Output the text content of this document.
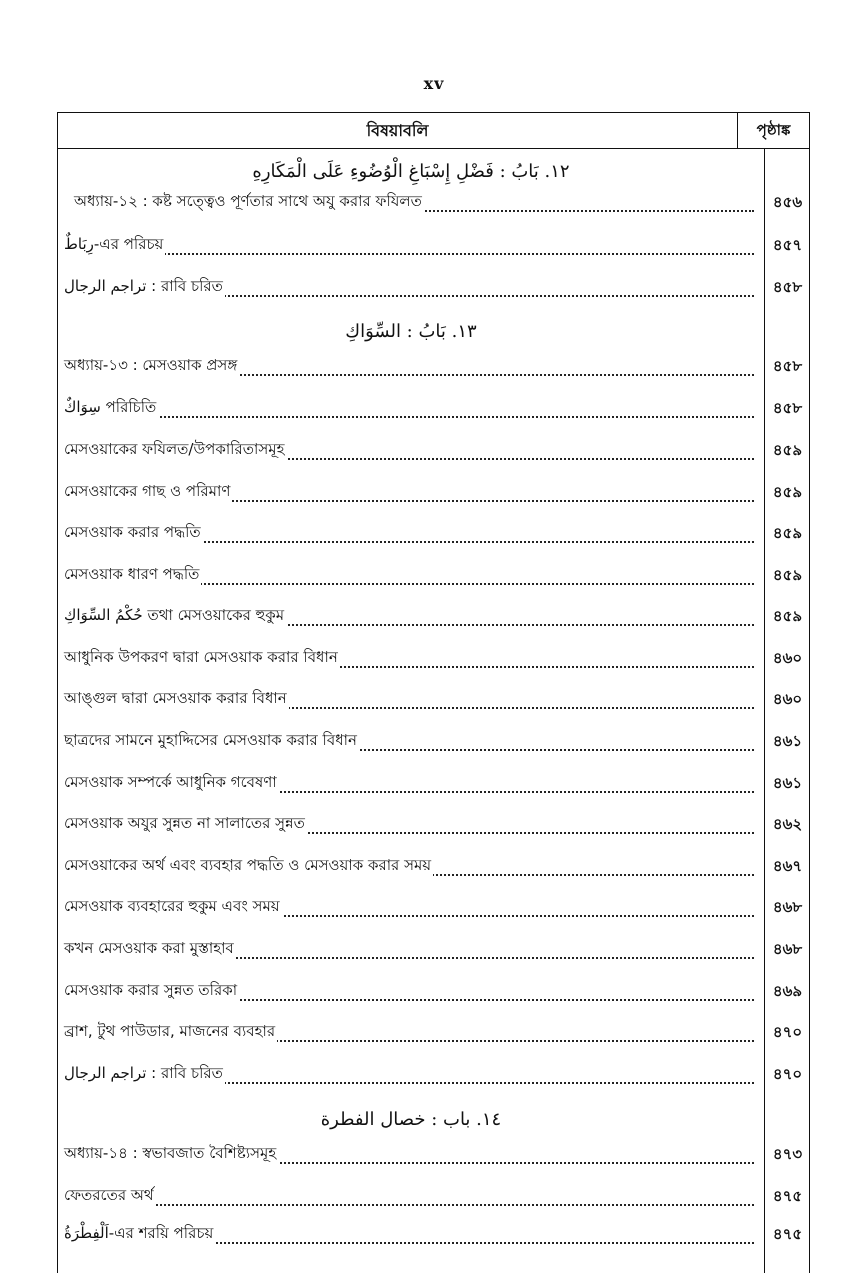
xv
বিষয়াবলি	পৃষ্ঠাঙ্ক
١٢. بَابُ : فَضْلِ إِسْبَاغِ الْوُضُوءِ عَلَى الْمَكَارِهِ
অধ্যায়-১২ : কষ্ট সত্ত্বেও পূর্ণতার সাথে অযু করার ফযিলত	৪৫৬
رِبَاطٌ-এর পরিচয়	৪৫৭
تراجم الرجال : রাবি চরিত	৪৫৮
١٣. بَابُ : السِّوَاكِ
অধ্যায়-১৩ : মেসওয়াক প্রসঙ্গ	৪৫৮
سِوَاكٌ পরিচিতি	৪৫৮
মেসওয়াকের ফযিলত/উপকারিতাসমূহ	৪৫৯
মেসওয়াকের গাছ ও পরিমাণ	৪৫৯
মেসওয়াক করার পদ্ধতি	৪৫৯
মেসওয়াক ধারণ পদ্ধতি	৪৫৯
حُكْمُ السِّوَاكِ তথা মেসওয়াকের হুকুম	৪৫৯
আধুনিক উপকরণ দ্বারা মেসওয়াক করার বিধান	৪৬০
আঙ্গুল দ্বারা মেসওয়াক করার বিধান	৪৬০
ছাত্রদের সামনে মুহাদ্দিসের মেসওয়াক করার বিধান	৪৬১
মেসওয়াক সম্পর্কে আধুনিক গবেষণা	৪৬১
মেসওয়াক অযুর সুন্নত না সালাতের সুন্নত	৪৬২
মেসওয়াকের অর্থ এবং ব্যবহার পদ্ধতি ও মেসওয়াক করার সময়	৪৬৭
মেসওয়াক ব্যবহারের হুকুম এবং সময়	৪৬৮
কখন মেসওয়াক করা মুস্তাহাব	৪৬৮
মেসওয়াক করার সুন্নত তরিকা	৪৬৯
ব্রাশ, টুথ পাউডার, মাজনের ব্যবহার	৪৭০
تراجم الرجال : রাবি চরিত	৪৭০
١٤. باب : خصال الفطرة
অধ্যায়-১৪ : স্বভাবজাত বৈশিষ্ট্যসমূহ	৪৭৩
ফেতরতের অর্থ	৪৭৫
اَلْفِطْرَةُ-এর শরয়ি পরিচয়	৪৭৫
